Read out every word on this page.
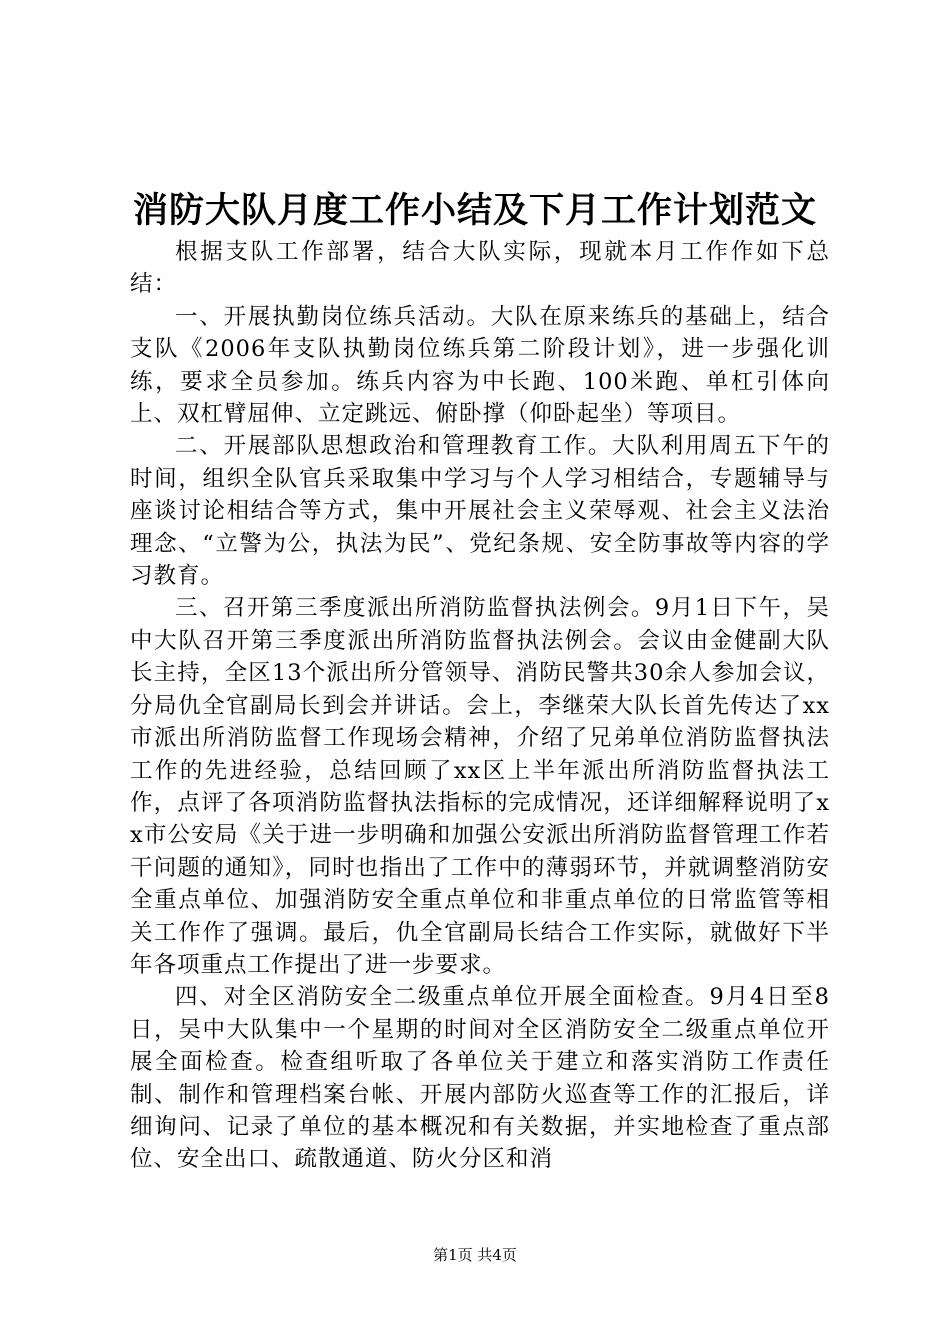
消防大队月度工作小结及下月工作计划范文

根据支队工作部署，结合大队实际，现就本月工作作如下总结：

一、开展执勤岗位练兵活动。大队在原来练兵的基础上，结合支队《2006年支队执勤岗位练兵第二阶段计划》，进一步强化训练，要求全员参加。练兵内容为中长跑、100米跑、单杠引体向上、双杠臂屈伸、立定跳远、俯卧撑（仰卧起坐）等项目。

二、开展部队思想政治和管理教育工作。大队利用周五下午的时间，组织全队官兵采取集中学习与个人学习相结合，专题辅导与座谈讨论相结合等方式，集中开展社会主义荣辱观、社会主义法治理念、“立警为公，执法为民”、党纪条规、安全防事故等内容的学习教育。

三、召开第三季度派出所消防监督执法例会。9月1日下午，吴中大队召开第三季度派出所消防监督执法例会。会议由金健副大队长主持，全区13个派出所分管领导、消防民警共30余人参加会议，分局仇全官副局长到会并讲话。会上，李继荣大队长首先传达了xx市派出所消防监督工作现场会精神，介绍了兄弟单位消防监督执法工作的先进经验，总结回顾了xx区上半年派出所消防监督执法工作，点评了各项消防监督执法指标的完成情况，还详细解释说明了xx市公安局《关于进一步明确和加强公安派出所消防监督管理工作若干问题的通知》，同时也指出了工作中的薄弱环节，并就调整消防安全重点单位、加强消防安全重点单位和非重点单位的日常监管等相关工作作了强调。最后，仇全官副局长结合工作实际，就做好下半年各项重点工作提出了进一步要求。

四、对全区消防安全二级重点单位开展全面检查。9月4日至8日，吴中大队集中一个星期的时间对全区消防安全二级重点单位开展全面检查。检查组听取了各单位关于建立和落实消防工作责任制、制作和管理档案台帐、开展内部防火巡查等工作的汇报后，详细询问、记录了单位的基本概况和有关数据，并实地检查了重点部位、安全出口、疏散通道、防火分区和消

第1页 共4页
